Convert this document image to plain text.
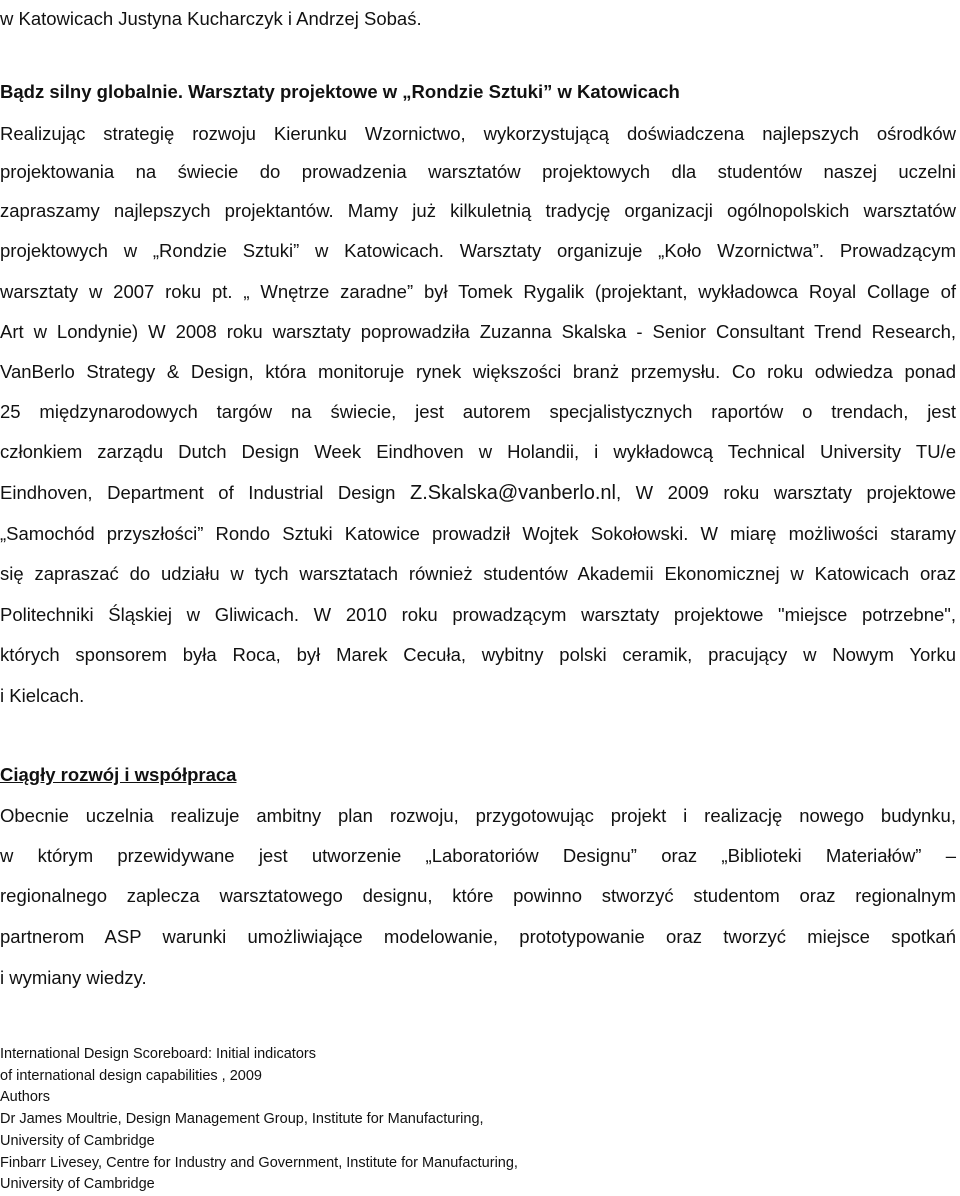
w Katowicach Justyna Kucharczyk i Andrzej Sobaś.
Bądz silny globalnie. Warsztaty projektowe w „Rondzie Sztuki” w Katowicach
Realizując strategię rozwoju Kierunku Wzornictwo, wykorzystującą doświadczena najlepszych ośrodków
projektowania na świecie do prowadzenia warsztatów projektowych dla studentów naszej uczelni
zapraszamy najlepszych projektantów. Mamy już kilkuletnią tradycję organizacji ogólnopolskich warsztatów
projektowych w „Rondzie Sztuki” w Katowicach. Warsztaty organizuje „Koło Wzornictwa”. Prowadzącym
warsztaty w 2007 roku pt. „ Wnętrze zaradne” był Tomek Rygalik (projektant, wykładowca Royal Collage of
Art w Londynie) W 2008 roku warsztaty poprowadziła Zuzanna Skalska - Senior Consultant Trend Research,
VanBerlo Strategy & Design, która monitoruje rynek większości branż przemysłu. Co roku odwiedza ponad
25 międzynarodowych targów na świecie, jest autorem specjalistycznych raportów o trendach, jest
członkiem zarządu Dutch Design Week Eindhoven w Holandii, i wykładowcą Technical University TU/e
Eindhoven, Department of Industrial Design Z.Skalska@vanberlo.nl, W 2009 roku warsztaty projektowe
„Samochód przyszłości” Rondo Sztuki Katowice prowadził Wojtek Sokołowski. W miarę możliwości staramy
się zapraszać do udziału w tych warsztatach również studentów Akademii Ekonomicznej w Katowicach oraz
Politechniki Śląskiej w Gliwicach. W 2010 roku prowadzącym warsztaty projektowe "miejsce potrzebne",
których sponsorem była Roca, był Marek Cecuła, wybitny polski ceramik, pracujący w Nowym Yorku
i Kielcach.
Ciągły rozwój i współpraca
Obecnie uczelnia realizuje ambitny plan rozwoju, przygotowując projekt i realizację nowego budynku,
w którym przewidywane jest utworzenie „Laboratoriów Designu” oraz „Biblioteki Materiałów” –
regionalnego zaplecza warsztatowego designu, które powinno stworzyć studentom oraz regionalnym
partnerom ASP warunki umożliwiające modelowanie, prototypowanie oraz tworzyć miejsce spotkań
i wymiany wiedzy.
International Design Scoreboard: Initial indicators
of international design capabilities , 2009
Authors
Dr James Moultrie, Design Management Group, Institute for Manufacturing,
University of Cambridge
Finbarr Livesey, Centre for Industry and Government, Institute for Manufacturing,
University of Cambridge
